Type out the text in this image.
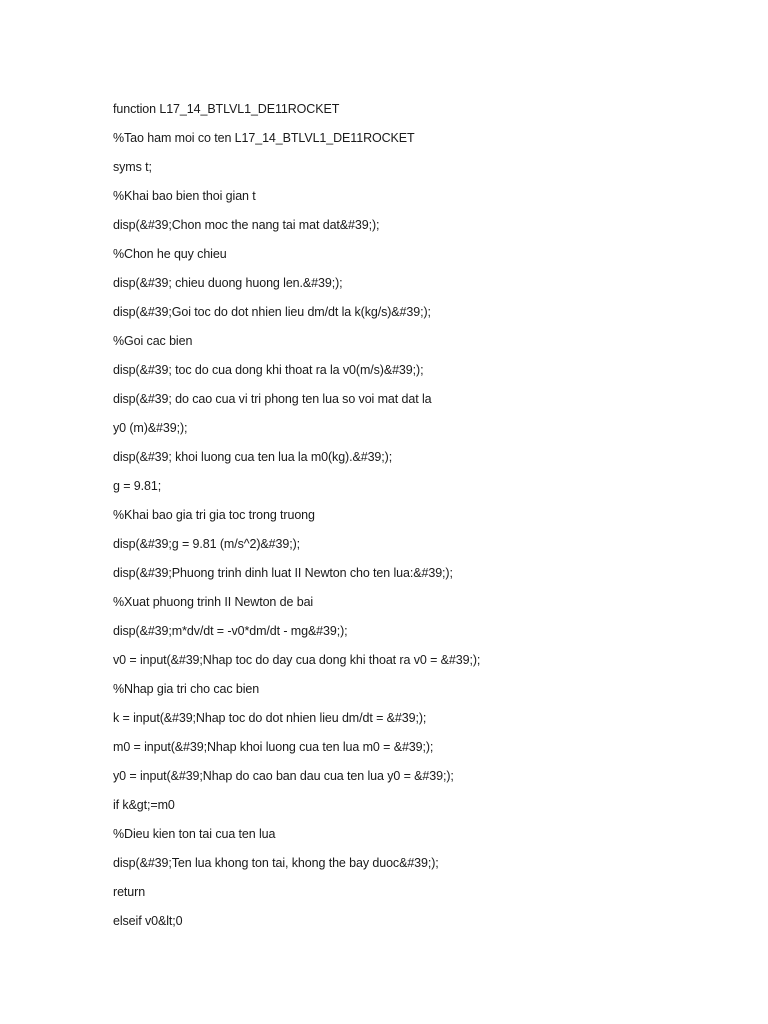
function L17_14_BTLVL1_DE11ROCKET
%Tao ham moi co ten L17_14_BTLVL1_DE11ROCKET
syms t;
%Khai bao bien thoi gian t
disp(&#39;Chon moc the nang tai mat dat&#39;);
%Chon he quy chieu
disp(&#39; chieu duong huong len.&#39;);
disp(&#39;Goi toc do dot nhien lieu dm/dt la k(kg/s)&#39;);
%Goi cac bien
disp(&#39; toc do cua dong khi thoat ra la v0(m/s)&#39;);
disp(&#39; do cao cua vi tri phong ten lua so voi mat dat la
y0 (m)&#39;);
disp(&#39; khoi luong cua ten lua la m0(kg).&#39;);
g = 9.81;
%Khai bao gia tri gia toc trong truong
disp(&#39;g = 9.81 (m/s^2)&#39;);
disp(&#39;Phuong trinh dinh luat II Newton cho ten lua:&#39;);
%Xuat phuong trinh II Newton de bai
disp(&#39;m*dv/dt = -v0*dm/dt - mg&#39;);
v0 = input(&#39;Nhap toc do day cua dong khi thoat ra v0 = &#39;);
%Nhap gia tri cho cac bien
k = input(&#39;Nhap toc do dot nhien lieu dm/dt = &#39;);
m0 = input(&#39;Nhap khoi luong cua ten lua m0 = &#39;);
y0 = input(&#39;Nhap do cao ban dau cua ten lua y0 = &#39;);
if k&gt;=m0
%Dieu kien ton tai cua ten lua
disp(&#39;Ten lua khong ton tai, khong the bay duoc&#39;);
return
elseif v0&lt;0
